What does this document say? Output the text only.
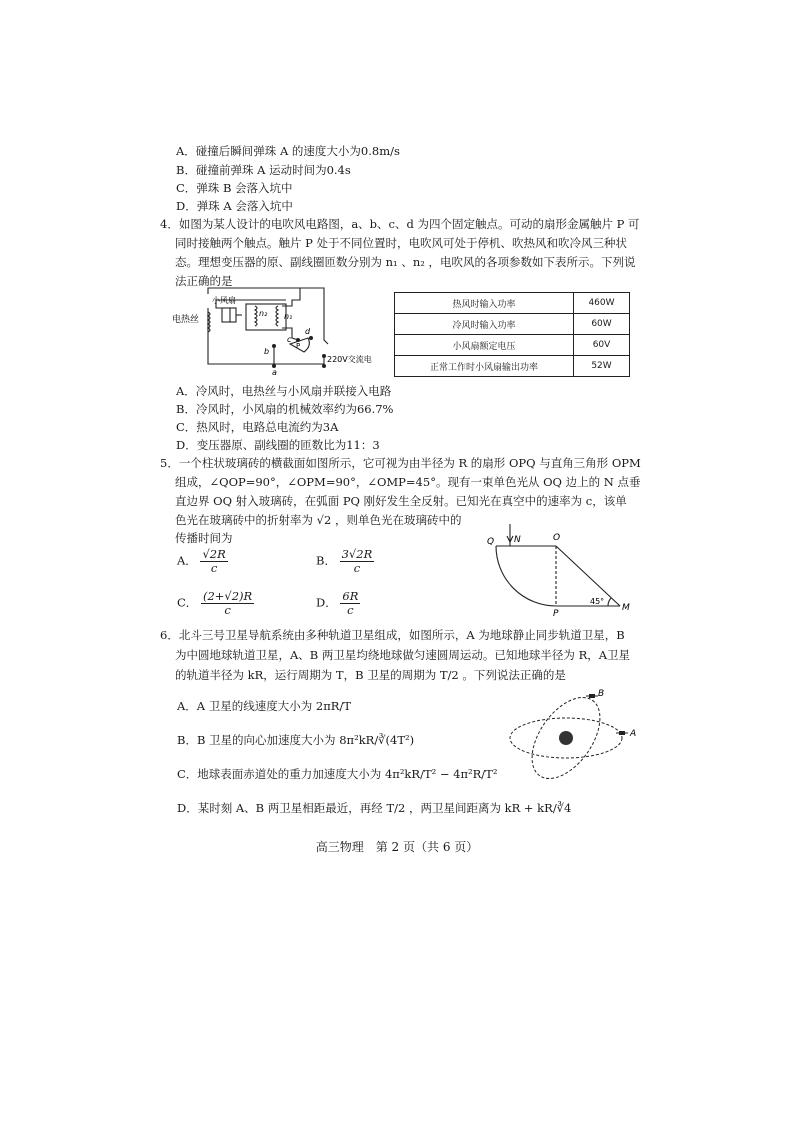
A．碰撞后瞬间弹珠 A 的速度大小为0.8m/s
B．碰撞前弹珠 A 运动时间为0.4s
C．弹珠 B 会落入坑中
D．弹珠 A 会落入坑中
4．如图为某人设计的电吹风电路图，a、b、c、d 为四个固定触点。可动的扇形金属触片 P 可
同时接触两个触点。触片 P 处于不同位置时，电吹风可处于停机、吹热风和吹冷风三种状
态。理想变压器的原、副线圈匝数分别为 n₁ 、n₂ ，电吹风的各项参数如下表所示。下列说
法正确的是
电热丝
小风扇
n₂ n₁
b
c
d
P
a
220V交流电
热风时输入功率	460W
冷风时输入功率	60W
小风扇额定电压	60V
正常工作时小风扇输出功率	52W
A．冷风时，电热丝与小风扇并联接入电路
B．冷风时，小风扇的机械效率约为66.7%
C．热风时，电路总电流约为3A
D．变压器原、副线圈的匝数比为11：3
5．一个柱状玻璃砖的横截面如图所示，它可视为由半径为 R 的扇形 OPQ 与直角三角形 OPM
组成，∠QOP=90°，∠OPM=90°，∠OMP=45°。现有一束单色光从 OQ 边上的 N 点垂
直边界 OQ 射入玻璃砖，在弧面 PQ 刚好发生全反射。已知光在真空中的速率为 c，该单
色光在玻璃砖中的折射率为 √2 ，则单色光在玻璃砖中的
传播时间为
A． $\frac{√2R}{c}$	B． $\frac{3√2R}{c}$
C． $\frac{(2+√2)R}{c}$	D． $\frac{6R}{c}$
Q N	O
P
M
45°
6．北斗三号卫星导航系统由多种轨道卫星组成，如图所示，A 为地球静止同步轨道卫星，B
为中圆地球轨道卫星，A、B 两卫星均绕地球做匀速圆周运动。已知地球半径为 R，A卫星
的轨道半径为 kR，运行周期为 T，B 卫星的周期为 T/2 。下列说法正确的是
A．A 卫星的线速度大小为 2πR/T
B．B 卫星的向心加速度大小为 8π²kR/∛(4T²)
C．地球表面赤道处的重力加速度大小为 4π²kR/T² − 4π²R/T²
D．某时刻 A、B 两卫星相距最近，再经 T/2 ，两卫星间距离为 kR + kR/∛4
A
B
高三物理　第 2 页（共 6 页）
